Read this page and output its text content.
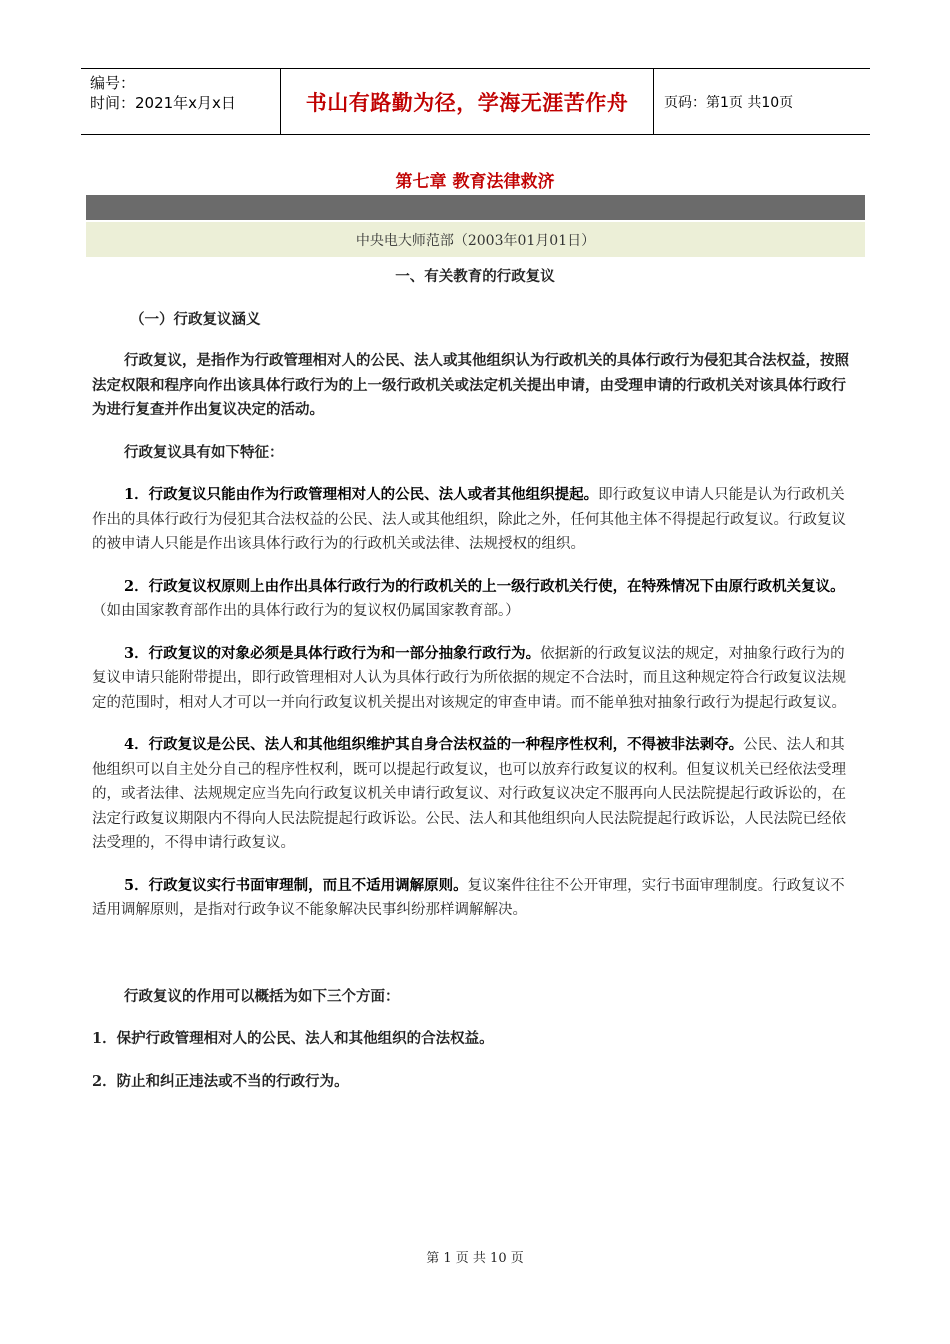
编号：
时间：2021年x月x日	书山有路勤为径，学海无涯苦作舟	页码：第1页 共10页
第七章 教育法律救济
中央电大师范部（2003年01月01日）

一、有关教育的行政复议

（一）行政复议涵义

行政复议，是指作为行政管理相对人的公民、法人或其他组织认为行政机关的具体行政行为侵犯其合法权益，按照法定权限和程序向作出该具体行政行为的上一级行政机关或法定机关提出申请，由受理申请的行政机关对该具体行政行为进行复查并作出复议决定的活动。

行政复议具有如下特征：

1．行政复议只能由作为行政管理相对人的公民、法人或者其他组织提起。即行政复议申请人只能是认为行政机关作出的具体行政行为侵犯其合法权益的公民、法人或其他组织，除此之外，任何其他主体不得提起行政复议。行政复议的被申请人只能是作出该具体行政行为的行政机关或法律、法规授权的组织。

2．行政复议权原则上由作出具体行政行为的行政机关的上一级行政机关行使，在特殊情况下由原行政机关复议。（如由国家教育部作出的具体行政行为的复议权仍属国家教育部。）

3．行政复议的对象必须是具体行政行为和一部分抽象行政行为。依据新的行政复议法的规定，对抽象行政行为的复议申请只能附带提出，即行政管理相对人认为具体行政行为所依据的规定不合法时，而且这种规定符合行政复议法规定的范围时，相对人才可以一并向行政复议机关提出对该规定的审查申请。而不能单独对抽象行政行为提起行政复议。

4．行政复议是公民、法人和其他组织维护其自身合法权益的一种程序性权利，不得被非法剥夺。公民、法人和其他组织可以自主处分自己的程序性权利，既可以提起行政复议，也可以放弃行政复议的权利。但复议机关已经依法受理的，或者法律、法规规定应当先向行政复议机关申请行政复议、对行政复议决定不服再向人民法院提起行政诉讼的，在法定行政复议期限内不得向人民法院提起行政诉讼。公民、法人和其他组织向人民法院提起行政诉讼，人民法院已经依法受理的，不得申请行政复议。

5．行政复议实行书面审理制，而且不适用调解原则。复议案件往往不公开审理，实行书面审理制度。行政复议不适用调解原则，是指对行政争议不能象解决民事纠纷那样调解解决。

行政复议的作用可以概括为如下三个方面：

1．保护行政管理相对人的公民、法人和其他组织的合法权益。

2．防止和纠正违法或不当的行政行为。

第 1 页 共 10 页
